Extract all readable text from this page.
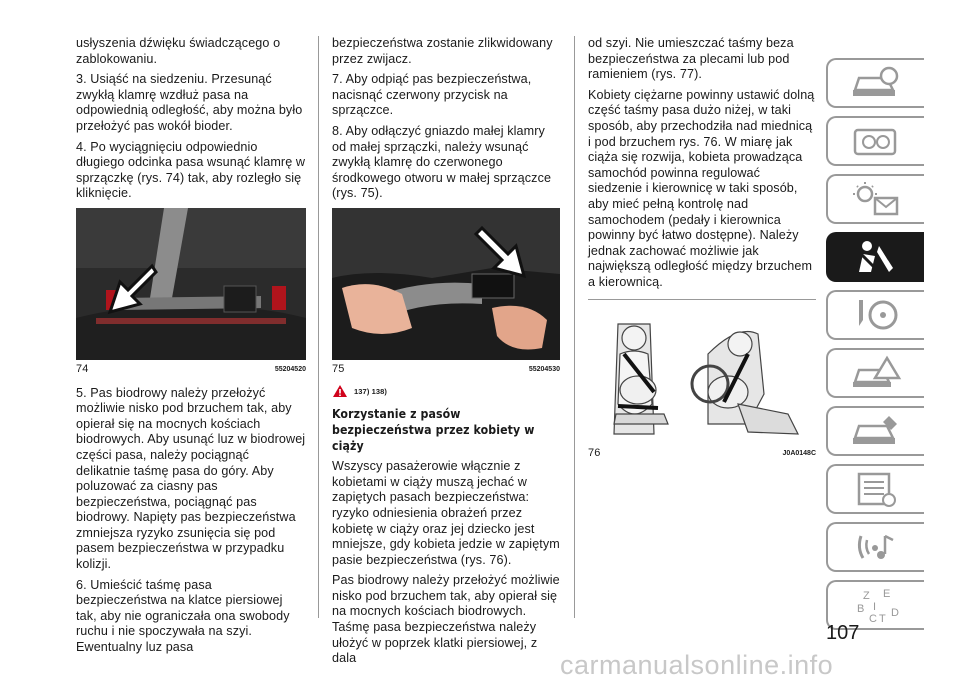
usłyszenia dźwięku świadczącego o zablokowaniu.

3. Usiąść na siedzeniu. Przesunąć zwykłą klamrę wzdłuż pasa na odpowiednią odległość, aby można było przełożyć pas wokół bioder.

4. Po wyciągnięciu odpowiednio długiego odcinka pasa wsunąć klamrę w sprzączkę (rys. 74) tak, aby rozległo się kliknięcie.

74	55204520

5. Pas biodrowy należy przełożyć możliwie nisko pod brzuchem tak, aby opierał się na mocnych kościach biodrowych. Aby usunąć luz w biodrowej części pasa, należy pociągnąć delikatnie taśmę pasa do góry. Aby poluzować za ciasny pas bezpieczeństwa, pociągnąć pas biodrowy. Napięty pas bezpieczeństwa zmniejsza ryzyko zsunięcia się pod pasem bezpieczeństwa w przypadku kolizji.

6. Umieścić taśmę pasa bezpieczeństwa na klatce piersiowej tak, aby nie ograniczała ona swobody ruchu i nie spoczywała na szyi. Ewentualny luz pasa

bezpieczeństwa zostanie zlikwidowany przez zwijacz.

7. Aby odpiąć pas bezpieczeństwa, nacisnąć czerwony przycisk na sprzączce.

8. Aby odłączyć gniazdo małej klamry od małej sprzączki, należy wsunąć zwykłą klamrę do czerwonego środkowego otworu w małej sprzączce (rys. 75).

75	55204530
137) 138)
Korzystanie z pasów bezpieczeństwa przez kobiety w ciąży

Wszyscy pasażerowie włącznie z kobietami w ciąży muszą jechać w zapiętych pasach bezpieczeństwa: ryzyko odniesienia obrażeń przez kobietę w ciąży oraz jej dziecko jest mniejsze, gdy kobieta jedzie w zapiętym pasie bezpieczeństwa (rys. 76).

Pas biodrowy należy przełożyć możliwie nisko pod brzuchem tak, aby opierał się na mocnych kościach biodrowych. Taśmę pasa bezpieczeństwa należy ułożyć w poprzek klatki piersiowej, z dala

od szyi. Nie umieszczać taśmy beza bezpieczeństwa za plecami lub pod ramieniem (rys. 77).

Kobiety ciężarne powinny ustawić dolną część taśmy pasa dużo niżej, w taki sposób, aby przechodziła nad miednicą i pod brzuchem rys. 76. W miarę jak ciąża się rozwija, kobieta prowadząca samochód powinna regulować siedzenie i kierownicę w taki sposób, aby mieć pełną kontrolę nad samochodem (pedały i kierownica powinny być łatwo dostępne). Należy jednak zachować możliwie jak największą odległość między brzuchem a kierownicą.

76	J0A0148C
Z E
B I
C T D
107
carmanualsonline.info
